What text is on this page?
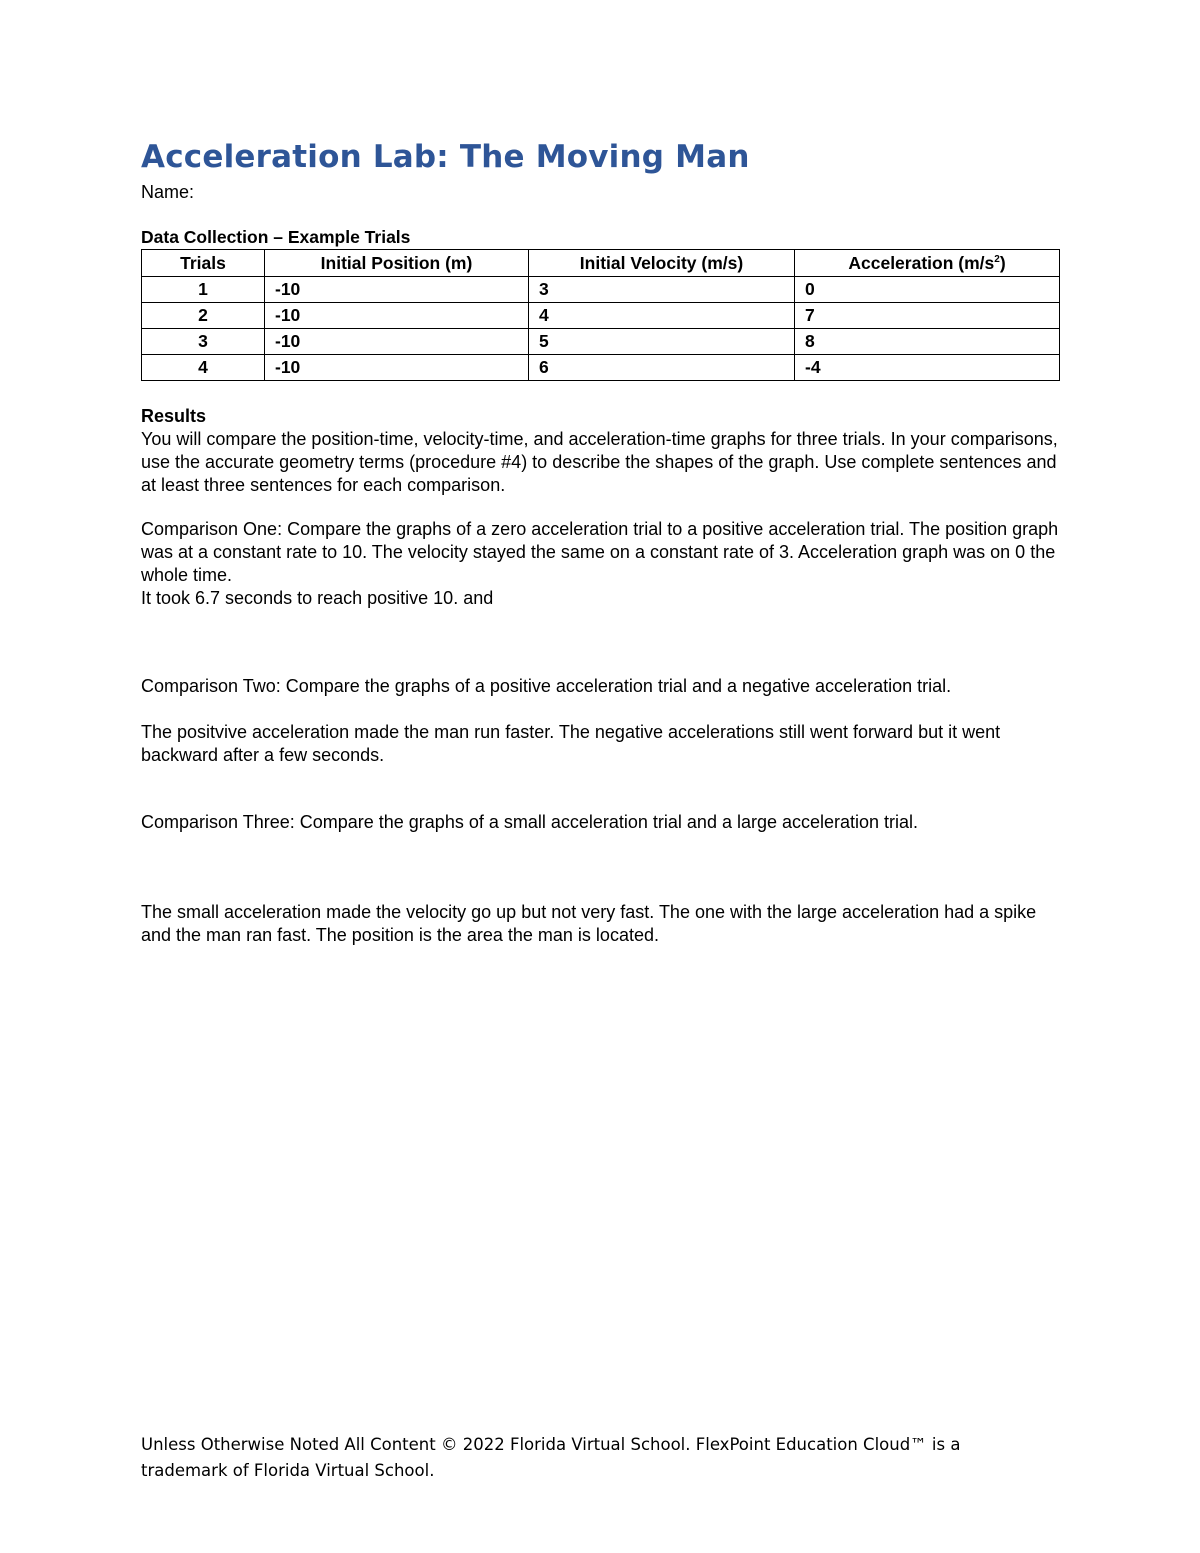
Acceleration Lab: The Moving Man
Name:
Data Collection – Example Trials
Trials	Initial Position (m)	Initial Velocity (m/s)	Acceleration $(m/s^2)$
1	-10	3	0
2	-10	4	7
3	-10	5	8
4	-10	6	-4
Results
You will compare the position-time, velocity-time, and acceleration-time graphs for three trials. In your comparisons, use the accurate geometry terms (procedure #4) to describe the shapes of the graph. Use complete sentences and at least three sentences for each comparison.
Comparison One: Compare the graphs of a zero acceleration trial to a positive acceleration trial. The position graph was at a constant rate to 10. The velocity stayed the same on a constant rate of 3. Acceleration graph was on 0 the whole time.
It took 6.7 seconds to reach positive 10. and
Comparison Two: Compare the graphs of a positive acceleration trial and a negative acceleration trial.
The positvive acceleration made the man run faster. The negative accelerations still went forward but it went backward after a few seconds.
Comparison Three: Compare the graphs of a small acceleration trial and a large acceleration trial.
The small acceleration made the velocity go up but not very fast. The one with the large acceleration had a spike and the man ran fast. The position is the area the man is located.
Unless Otherwise Noted All Content © 2022 Florida Virtual School. FlexPoint Education Cloud™ is a trademark of Florida Virtual School.
